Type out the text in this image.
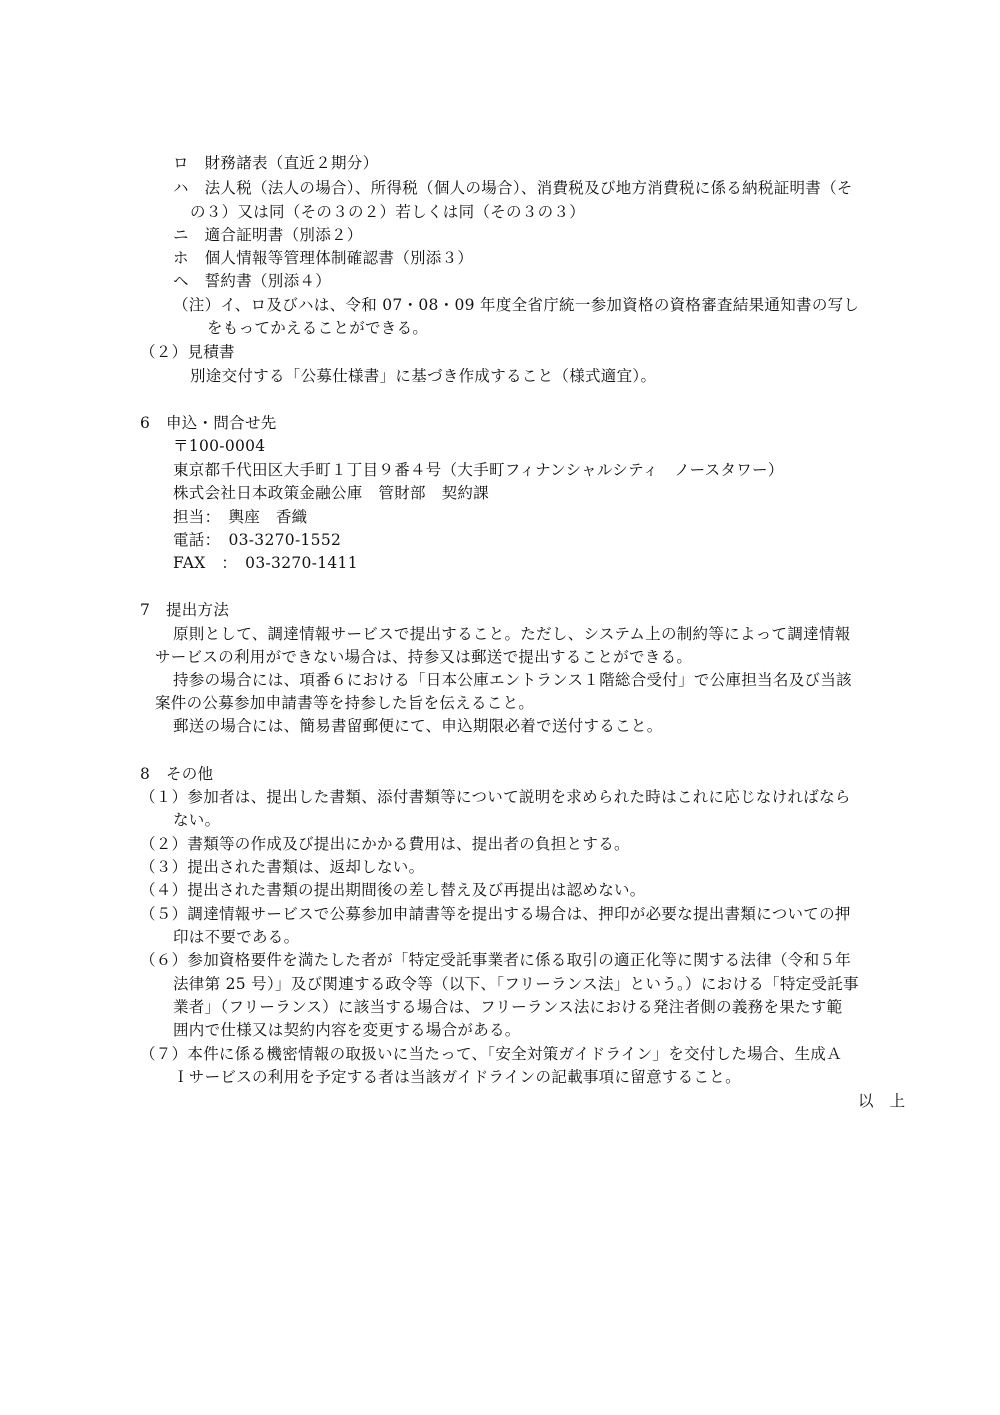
ロ　財務諸表（直近２期分）
ハ　法人税（法人の場合）、所得税（個人の場合）、消費税及び地方消費税に係る納税証明書（そ
の３）又は同（その３の２）若しくは同（その３の３）
ニ　適合証明書（別添２）
ホ　個人情報等管理体制確認書（別添３）
ヘ　誓約書（別添４）
（注）イ、ロ及びハは、令和 07・08・09 年度全省庁統一参加資格の資格審査結果通知書の写し
をもってかえることができる。
（２）見積書
別途交付する「公募仕様書」に基づき作成すること（様式適宜）。
6　申込・問合せ先
〒100-0004
東京都千代田区大手町１丁目９番４号（大手町フィナンシャルシティ　ノースタワー）
株式会社日本政策金融公庫　管財部　契約課
担当：　輿座　香織
電話：　03-3270-1552
FAX　：　03-3270-1411
7　提出方法
原則として、調達情報サービスで提出すること。ただし、システム上の制約等によって調達情報
サービスの利用ができない場合は、持参又は郵送で提出することができる。
持参の場合には、項番６における「日本公庫エントランス１階総合受付」で公庫担当名及び当該
案件の公募参加申請書等を持参した旨を伝えること。
郵送の場合には、簡易書留郵便にて、申込期限必着で送付すること。
8　その他
（１）参加者は、提出した書類、添付書類等について説明を求められた時はこれに応じなければなら
ない。
（２）書類等の作成及び提出にかかる費用は、提出者の負担とする。
（３）提出された書類は、返却しない。
（４）提出された書類の提出期間後の差し替え及び再提出は認めない。
（５）調達情報サービスで公募参加申請書等を提出する場合は、押印が必要な提出書類についての押
印は不要である。
（６）参加資格要件を満たした者が「特定受託事業者に係る取引の適正化等に関する法律（令和５年
法律第 25 号）」及び関連する政令等（以下、「フリーランス法」という。）における「特定受託事
業者」（フリーランス）に該当する場合は、フリーランス法における発注者側の義務を果たす範
囲内で仕様又は契約内容を変更する場合がある。
（７）本件に係る機密情報の取扱いに当たって、「安全対策ガイドライン」を交付した場合、生成Ａ
Ｉサービスの利用を予定する者は当該ガイドラインの記載事項に留意すること。
以　上
